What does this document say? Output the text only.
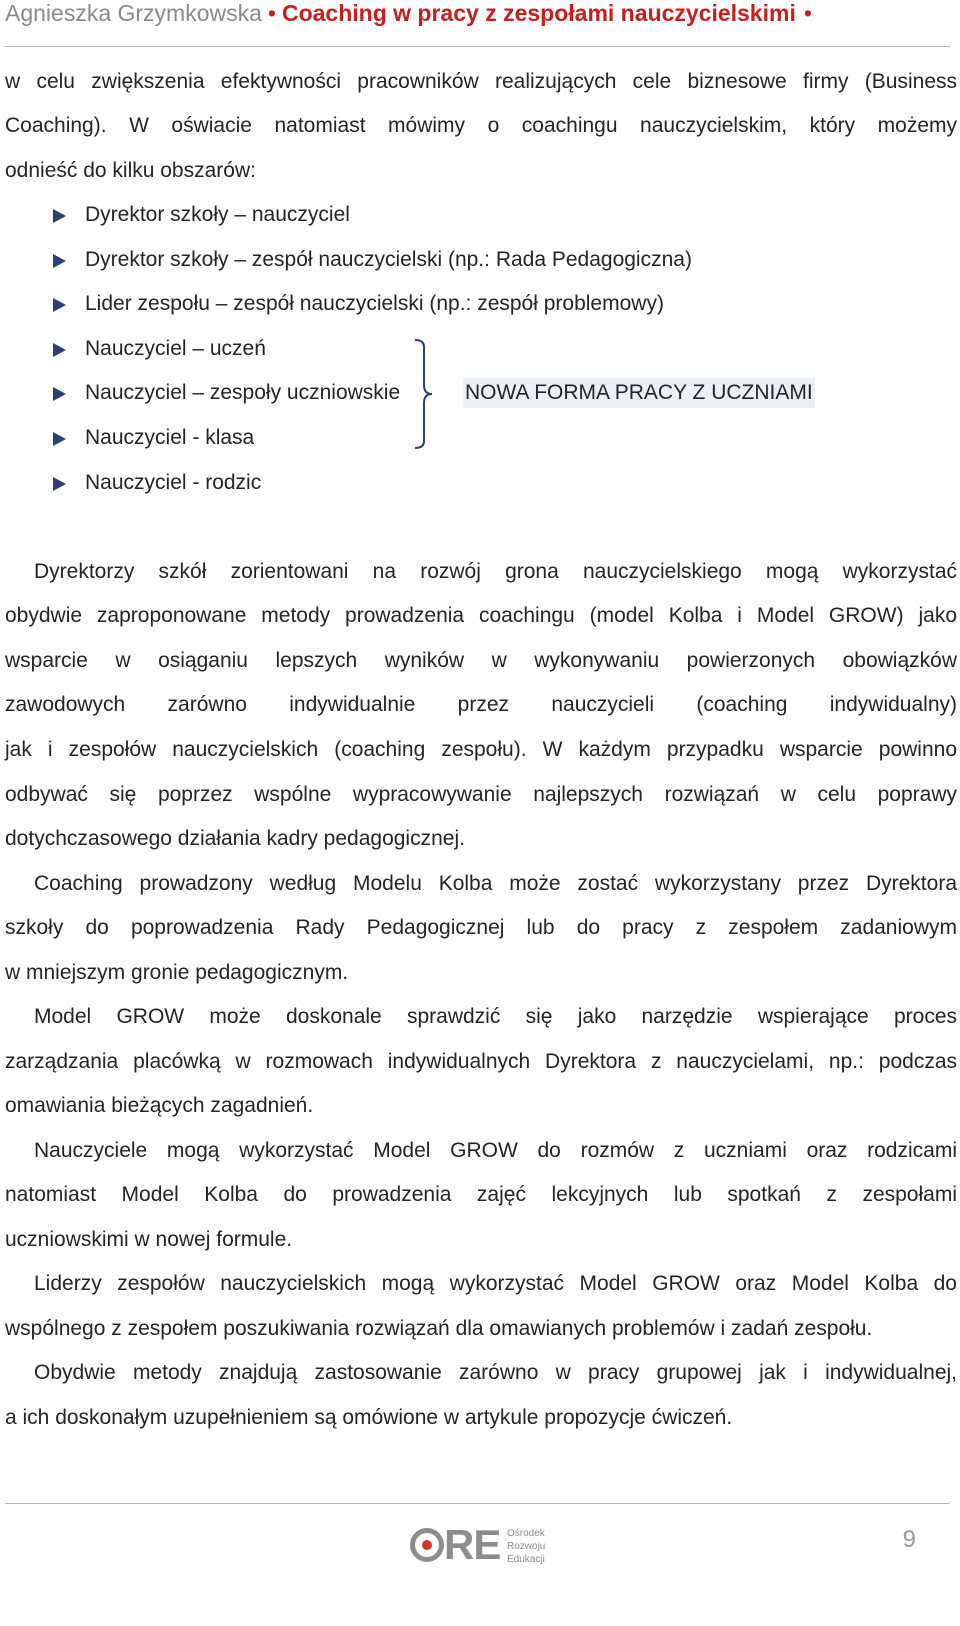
Agnieszka Grzymkowska • Coaching w pracy z zespołami nauczycielskimi •
w celu zwiększenia efektywności pracowników realizujących cele biznesowe firmy (Business
Coaching). W oświacie natomiast mówimy o coachingu nauczycielskim, który możemy
odnieść do kilku obszarów:
Dyrektor szkoły – nauczyciel
Dyrektor szkoły – zespół nauczycielski (np.: Rada Pedagogiczna)
Lider zespołu – zespół nauczycielski (np.: zespół problemowy)
Nauczyciel – uczeń
Nauczyciel – zespoły uczniowskie
Nauczyciel - klasa
Nauczyciel - rodzic
NOWA FORMA PRACY Z UCZNIAMI
Dyrektorzy szkół zorientowani na rozwój grona nauczycielskiego mogą wykorzystać
obydwie zaproponowane metody prowadzenia coachingu (model Kolba i Model GROW) jako
wsparcie w osiąganiu lepszych wyników w wykonywaniu powierzonych obowiązków
zawodowych zarówno indywidualnie przez nauczycieli (coaching indywidualny)
jak i zespołów nauczycielskich (coaching zespołu). W każdym przypadku wsparcie powinno
odbywać się poprzez wspólne wypracowywanie najlepszych rozwiązań w celu poprawy
dotychczasowego działania kadry pedagogicznej.
Coaching prowadzony według Modelu Kolba może zostać wykorzystany przez Dyrektora
szkoły do poprowadzenia Rady Pedagogicznej lub do pracy z zespołem zadaniowym
w mniejszym gronie pedagogicznym.
Model GROW może doskonale sprawdzić się jako narzędzie wspierające proces
zarządzania placówką w rozmowach indywidualnych Dyrektora z nauczycielami, np.: podczas
omawiania bieżących zagadnień.
Nauczyciele mogą wykorzystać Model GROW do rozmów z uczniami oraz rodzicami
natomiast Model Kolba do prowadzenia zajęć lekcyjnych lub spotkań z zespołami
uczniowskimi w nowej formule.
Liderzy zespołów nauczycielskich mogą wykorzystać Model GROW oraz Model Kolba do
wspólnego z zespołem poszukiwania rozwiązań dla omawianych problemów i zadań zespołu.
Obydwie metody znajdują zastosowanie zarówno w pracy grupowej jak i indywidualnej,
a ich doskonałym uzupełnieniem są omówione w artykule propozycje ćwiczeń.
RE Ośrodek
Rozwoju
Edukacji
9
